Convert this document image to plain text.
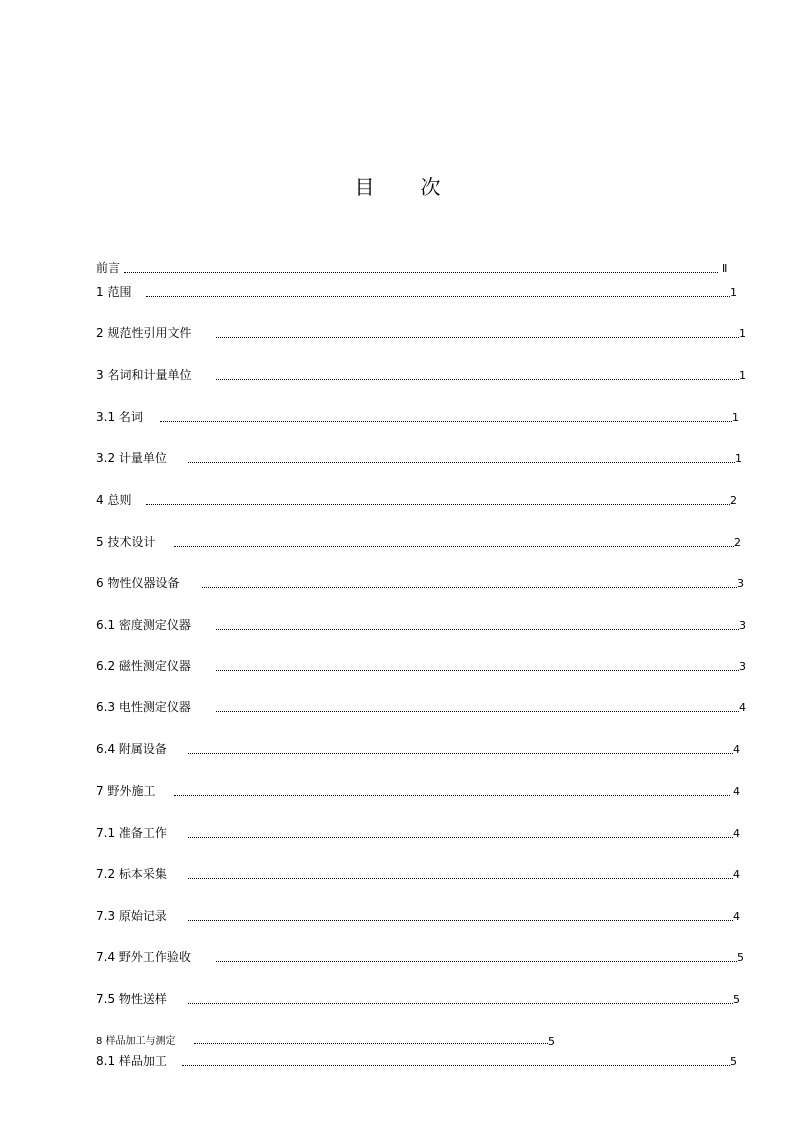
目次
前言	Ⅱ
1 范围	1
2 规范性引用文件	1
3 名词和计量单位	1
3.1 名词	1
3.2 计量单位	1
4 总则	2
5 技术设计	2
6 物性仪器设备	3
6.1 密度测定仪器	3
6.2 磁性测定仪器	3
6.3 电性测定仪器	4
6.4 附属设备	4
7 野外施工	4
7.1 准备工作	4
7.2 标本采集	4
7.3 原始记录	4
7.4 野外工作验收	5
7.5 物性送样	5
8 样品加工与测定	5
8.1 样品加工	5
